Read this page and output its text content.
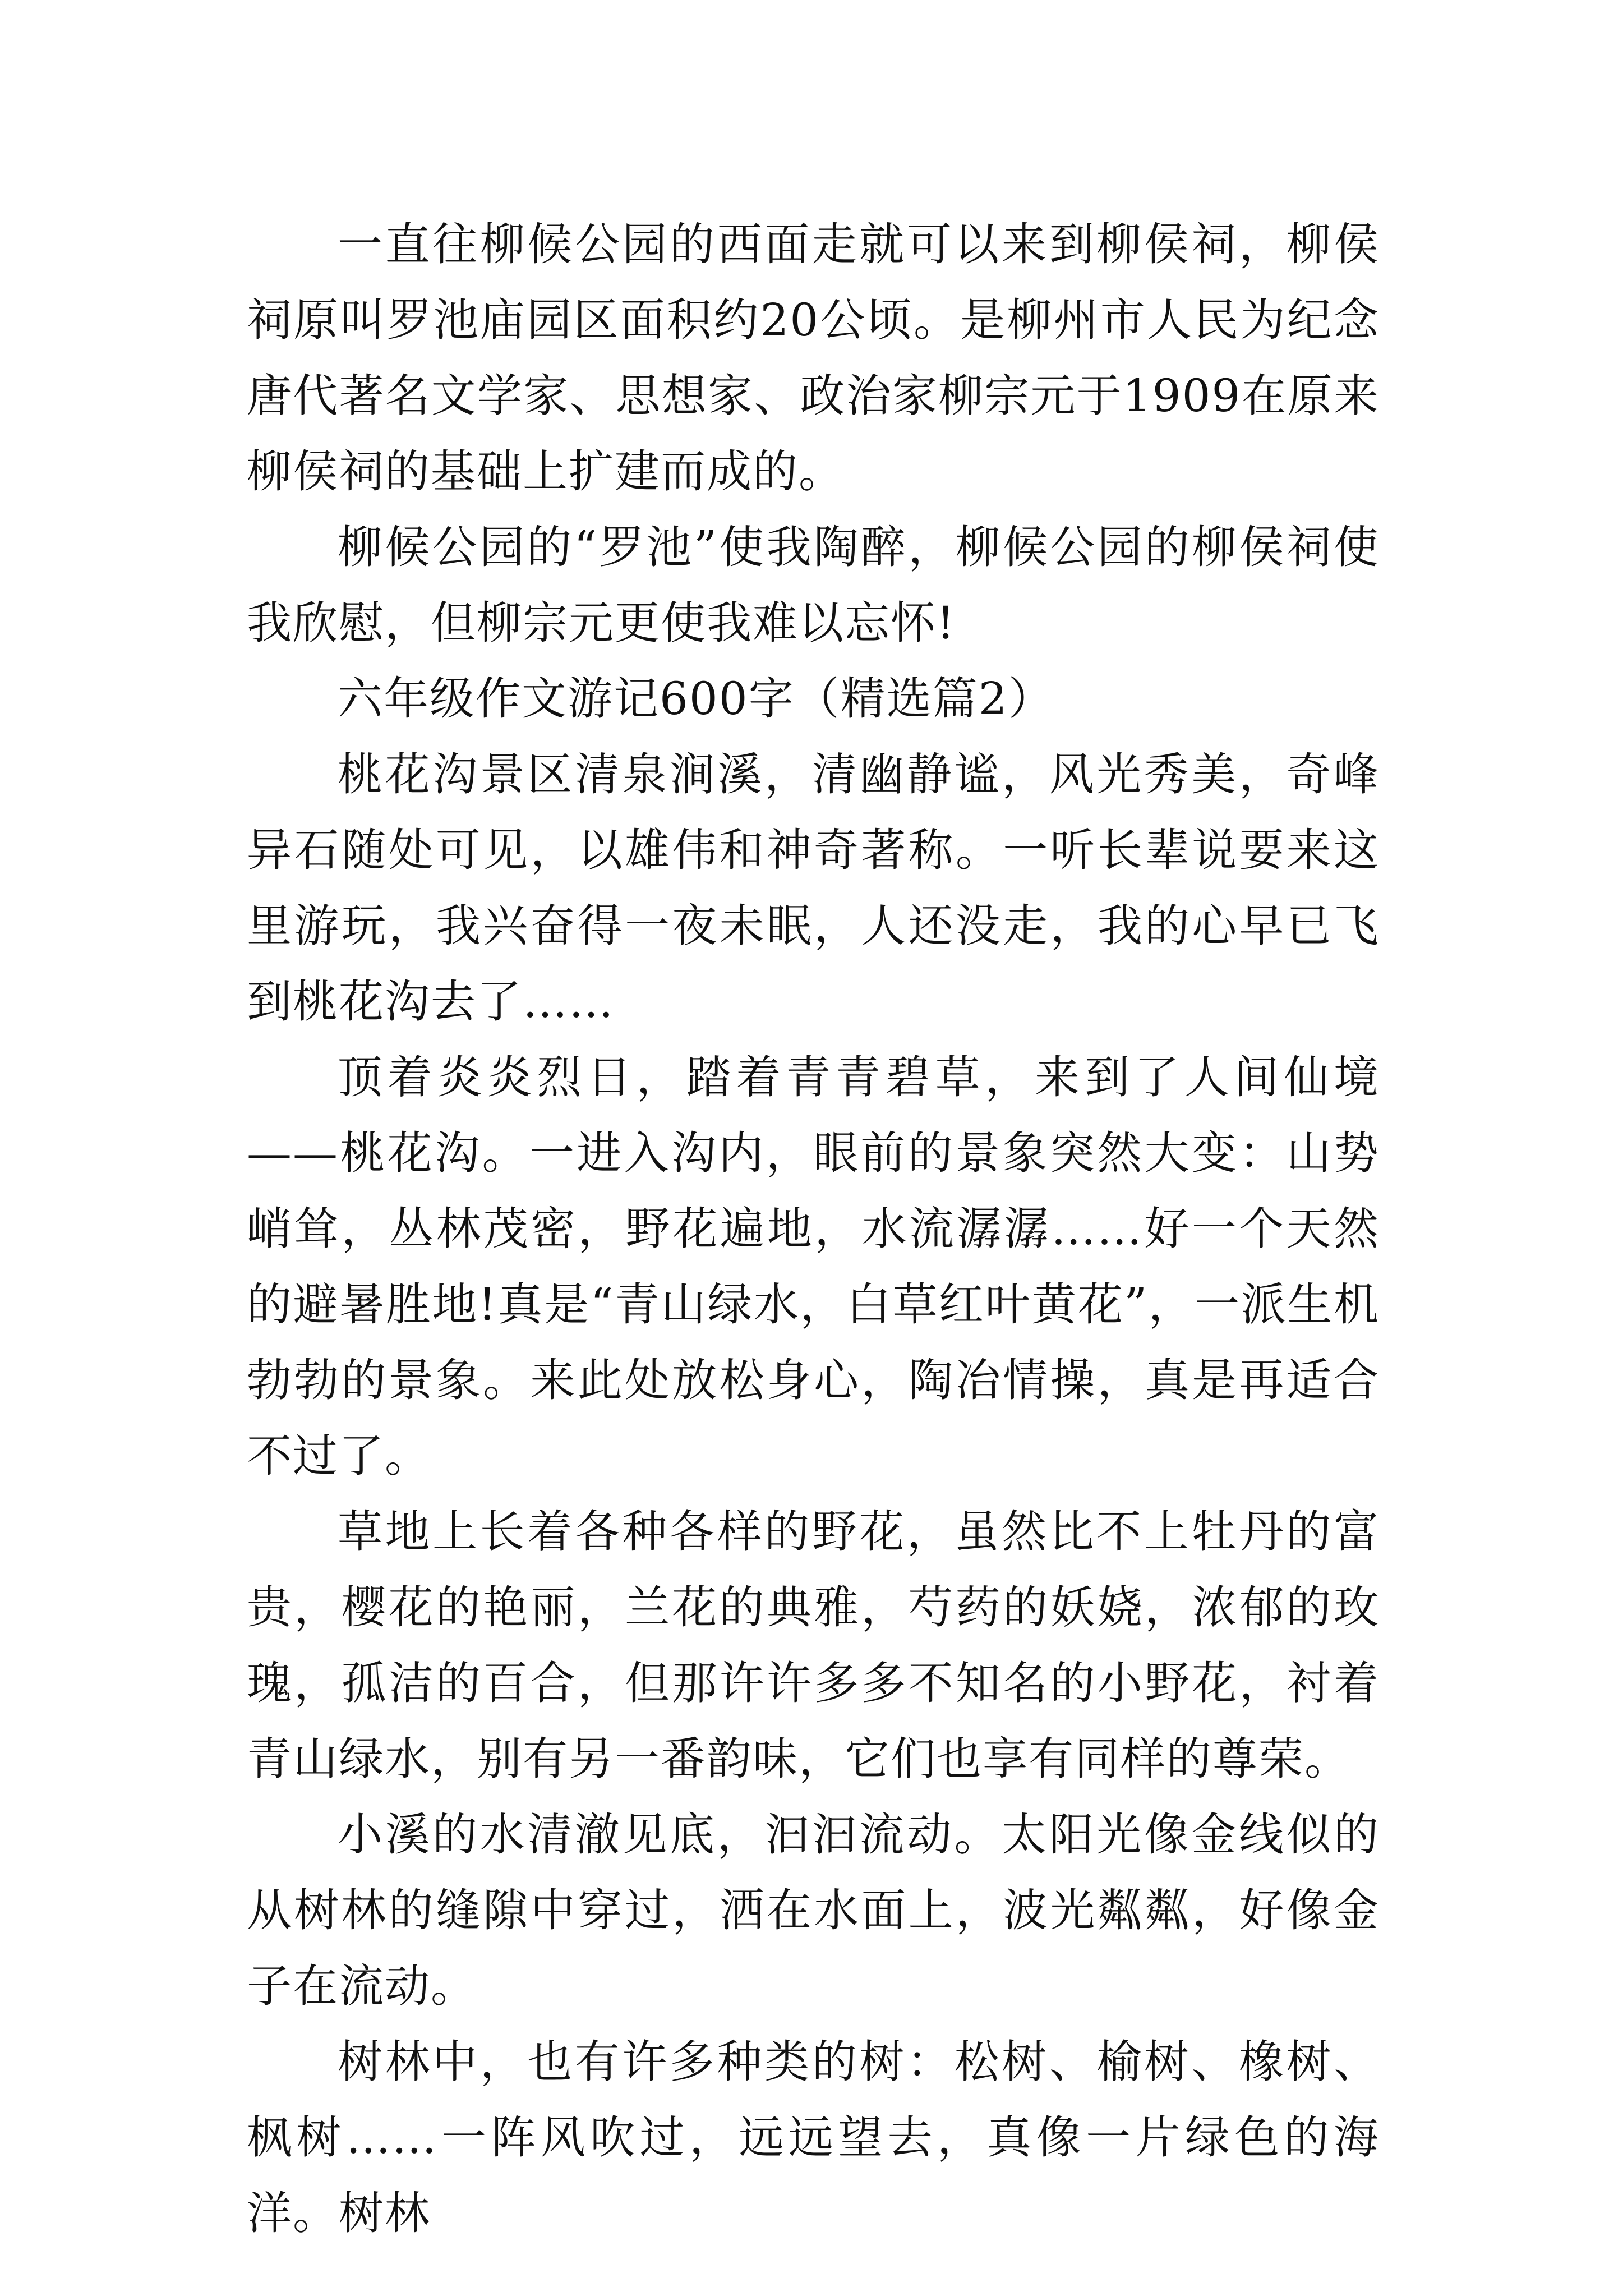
一直往柳候公园的西面走就可以来到柳侯祠，柳侯祠原叫罗池庙园区面积约20公顷。是柳州市人民为纪念唐代著名文学家、思想家、政治家柳宗元于1909在原来柳侯祠的基础上扩建而成的。

柳候公园的“罗池”使我陶醉，柳候公园的柳侯祠使我欣慰，但柳宗元更使我难以忘怀!

六年级作文游记600字（精选篇2）

桃花沟景区清泉涧溪，清幽静谧，风光秀美，奇峰异石随处可见，以雄伟和神奇著称。一听长辈说要来这里游玩，我兴奋得一夜未眠，人还没走，我的心早已飞到桃花沟去了……

顶着炎炎烈日，踏着青青碧草，来到了人间仙境——桃花沟。一进入沟内，眼前的景象突然大变：山势峭耸，丛林茂密，野花遍地，水流潺潺……好一个天然的避暑胜地!真是“青山绿水，白草红叶黄花”，一派生机勃勃的景象。来此处放松身心，陶冶情操，真是再适合不过了。

草地上长着各种各样的野花，虽然比不上牡丹的富贵，樱花的艳丽，兰花的典雅，芍药的妖娆，浓郁的玫瑰，孤洁的百合，但那许许多多不知名的小野花，衬着青山绿水，别有另一番韵味，它们也享有同样的尊荣。

小溪的水清澈见底，汩汩流动。太阳光像金线似的从树林的缝隙中穿过，洒在水面上，波光粼粼，好像金子在流动。

树林中，也有许多种类的树：松树、榆树、橡树、枫树……一阵风吹过，远远望去，真像一片绿色的海洋。树林
